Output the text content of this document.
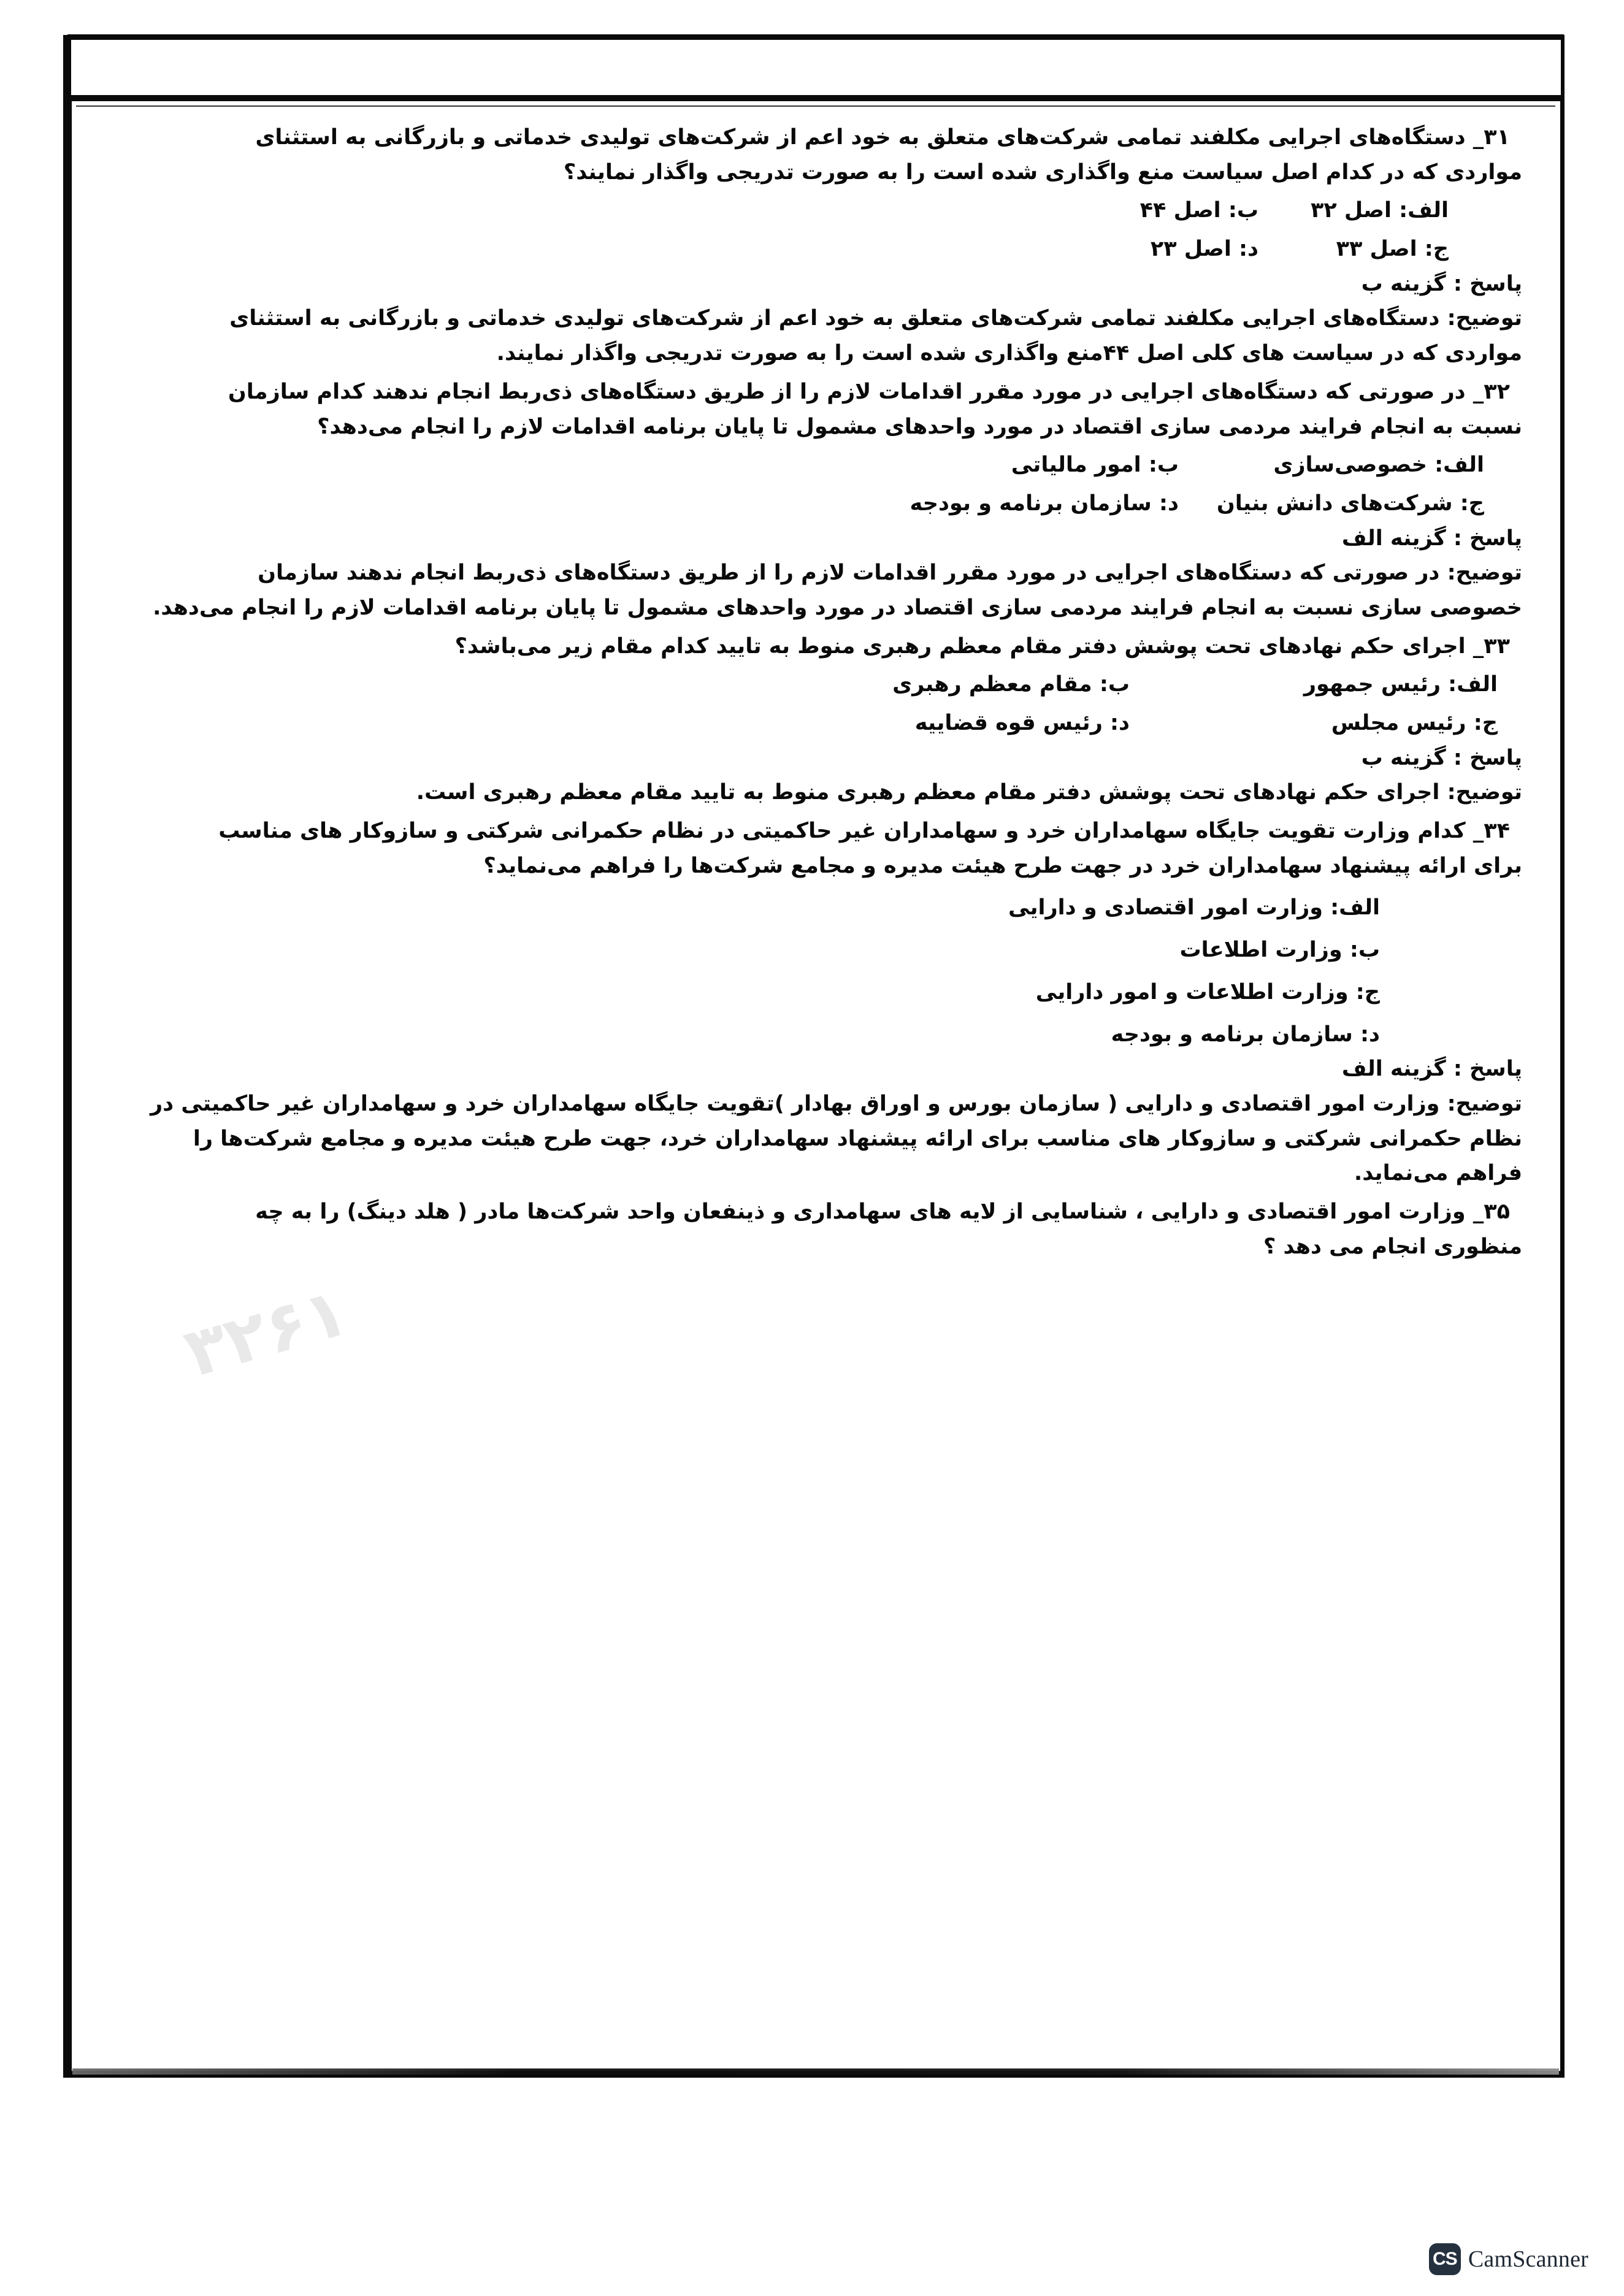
۳۲۶۱
۳۱_ دستگاه‌های اجرایی مکلفند تمامی شرکت‌های متعلق به خود اعم از شرکت‌های تولیدی خدماتی و بازرگانی به استثنای
مواردی که در کدام اصل سیاست منع واگذاری شده است را به صورت تدریجی واگذار نمایند؟
الف: اصل ۳۲
ب: اصل ۴۴
ج: اصل ۳۳
د: اصل ۲۳
پاسخ : گزینه ب
توضیح: دستگاه‌های اجرایی مکلفند تمامی شرکت‌های متعلق به خود اعم از شرکت‌های تولیدی خدماتی و بازرگانی به استثنای
مواردی که در سیاست های کلی اصل ۴۴منع واگذاری شده است را به صورت تدریجی واگذار نمایند.
۳۲_ در صورتی که دستگاه‌های اجرایی در مورد مقرر اقدامات لازم را از طریق دستگاه‌های ذی‌ربط انجام ندهند کدام سازمان
نسبت به انجام فرایند مردمی سازی اقتصاد در مورد واحدهای مشمول تا پایان برنامه اقدامات لازم را انجام می‌دهد؟
الف: خصوصی‌سازی
ب: امور مالیاتی
ج: شرکت‌های دانش بنیان
د: سازمان برنامه و بودجه
پاسخ : گزینه الف
توضیح: در صورتی که دستگاه‌های اجرایی در مورد مقرر اقدامات لازم را از طریق دستگاه‌های ذی‌ربط انجام ندهند سازمان
خصوصی سازی نسبت به انجام فرایند مردمی سازی اقتصاد در مورد واحدهای مشمول تا پایان برنامه اقدامات لازم را انجام می‌دهد.
۳۳_ اجرای حکم نهادهای تحت پوشش دفتر مقام معظم رهبری منوط به تایید کدام مقام زیر می‌باشد؟
الف: رئیس جمهور
ب: مقام معظم رهبری
ج: رئیس مجلس
د: رئیس قوه قضاییه
پاسخ : گزینه ب
توضیح: اجرای حکم نهادهای تحت پوشش دفتر مقام معظم رهبری منوط به تایید مقام معظم رهبری است.
۳۴_ کدام وزارت تقویت جایگاه سهامداران خرد و سهامداران غیر حاکمیتی در نظام حکمرانی شرکتی و سازوکار های مناسب
برای ارائه پیشنهاد سهامداران خرد در جهت طرح هیئت مدیره و مجامع شرکت‌ها را فراهم می‌نماید؟
الف: وزارت امور اقتصادی و دارایی
ب: وزارت اطلاعات
ج: وزارت اطلاعات و امور دارایی
د: سازمان برنامه و بودجه
پاسخ : گزینه الف
توضیح: وزارت امور اقتصادی و دارایی ( سازمان بورس و اوراق بهادار )تقویت جایگاه سهامداران خرد و سهامداران غیر حاکمیتی در
نظام حکمرانی شرکتی و سازوکار های مناسب برای ارائه پیشنهاد سهامداران خرد، جهت طرح هیئت مدیره و مجامع شرکت‌ها را
فراهم می‌نماید.
۳۵_ وزارت امور اقتصادی و دارایی ، شناسایی از لایه های سهامداری و ذینفعان واحد شرکت‌ها مادر ( هلد دینگ) را به چه
منظوری انجام می دهد ؟
CS CamScanner
